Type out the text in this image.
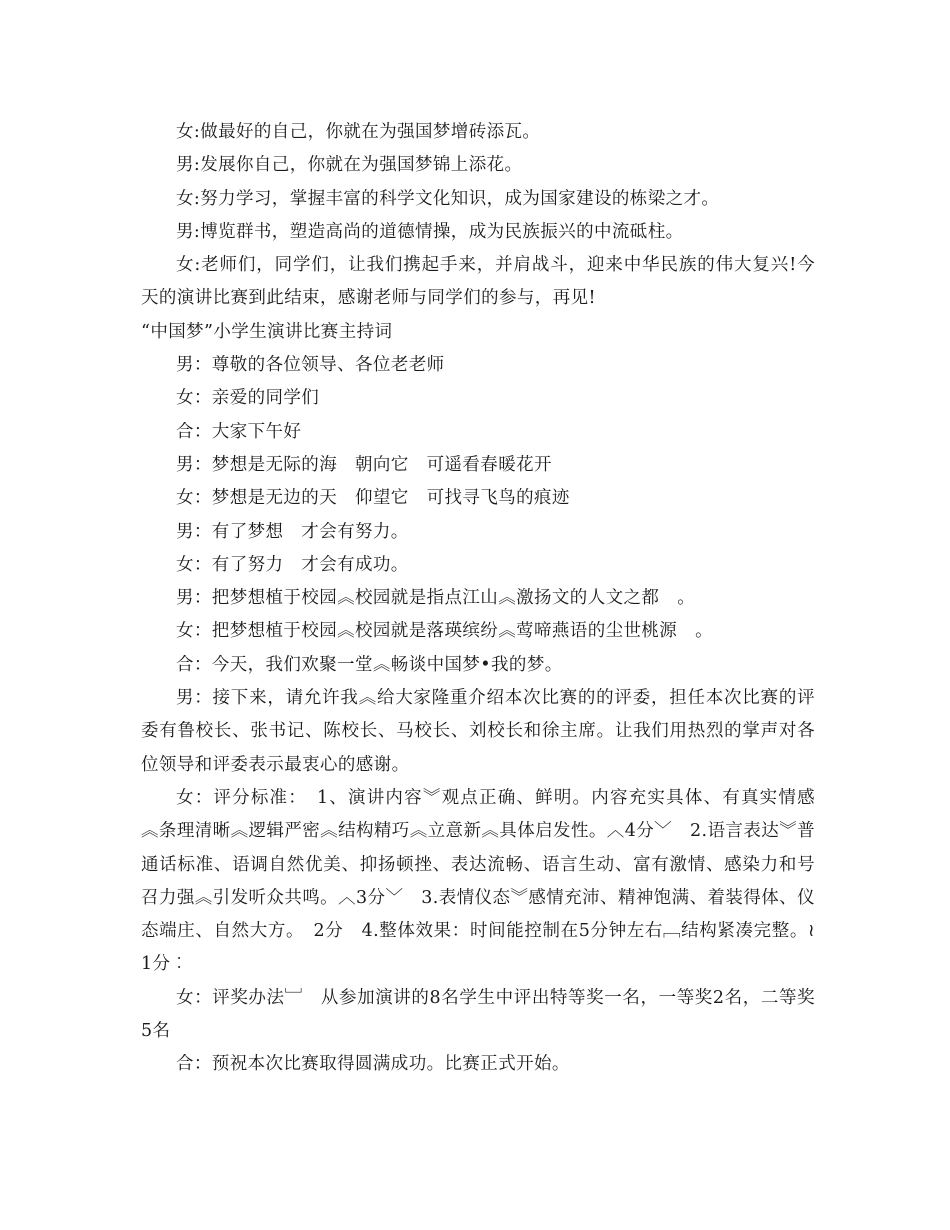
女:做最好的自己，你就在为强国梦增砖添瓦。

男:发展你自己，你就在为强国梦锦上添花。

女:努力学习，掌握丰富的科学文化知识，成为国家建设的栋梁之才。

男:博览群书，塑造高尚的道德情操，成为民族振兴的中流砥柱。

女:老师们，同学们，让我们携起手来，并肩战斗，迎来中华民族的伟大复兴!今天的演讲比赛到此结束，感谢老师与同学们的参与，再见!

“中国梦”小学生演讲比赛主持词

男：尊敬的各位领导、各位老老师

女：亲爱的同学们

合：大家下午好

男：梦想是无际的海　朝向它　可遥看春暖花开

女：梦想是无边的天　仰望它　可找寻飞鸟的痕迹

男：有了梦想　才会有努力。

女：有了努力　才会有成功。

男：把梦想植于校园︽校园就是指点江山︽激扬文的人文之都　。

女：把梦想植于校园︽校园就是落瑛缤纷︽莺啼燕语的尘世桃源　。

合：今天，我们欢聚一堂︽畅谈中国梦•我的梦。

男：接下来，请允许我︽给大家隆重介绍本次比赛的的评委，担任本次比赛的评委有鲁校长、张书记、陈校长、马校长、刘校长和徐主席。让我们用热烈的掌声对各位领导和评委表示最衷心的感谢。

女：评分标准：　1、演讲内容︾观点正确、鲜明。内容充实具体、有真实情感︽条理清晰︽逻辑严密︽结构精巧︽立意新︽具体启发性。︿4分﹀　2.语言表达︾普通话标准、语调自然优美、抑扬顿挫、表达流畅、语言生动、富有激情、感染力和号召力强︽引发听众共鸣。︿3分﹀　3.表情仪态︾感情充沛、精神饱满、着装得体、仪态端庄、自然大方。　2分　4.整体效果：时间能控制在5分钟左右﹇结构紧凑完整。≀1分︰

女：评奖办法﹈　从参加演讲的8名学生中评出特等奖一名，一等奖2名，二等奖5名

合：预祝本次比赛取得圆满成功。比赛正式开始。
